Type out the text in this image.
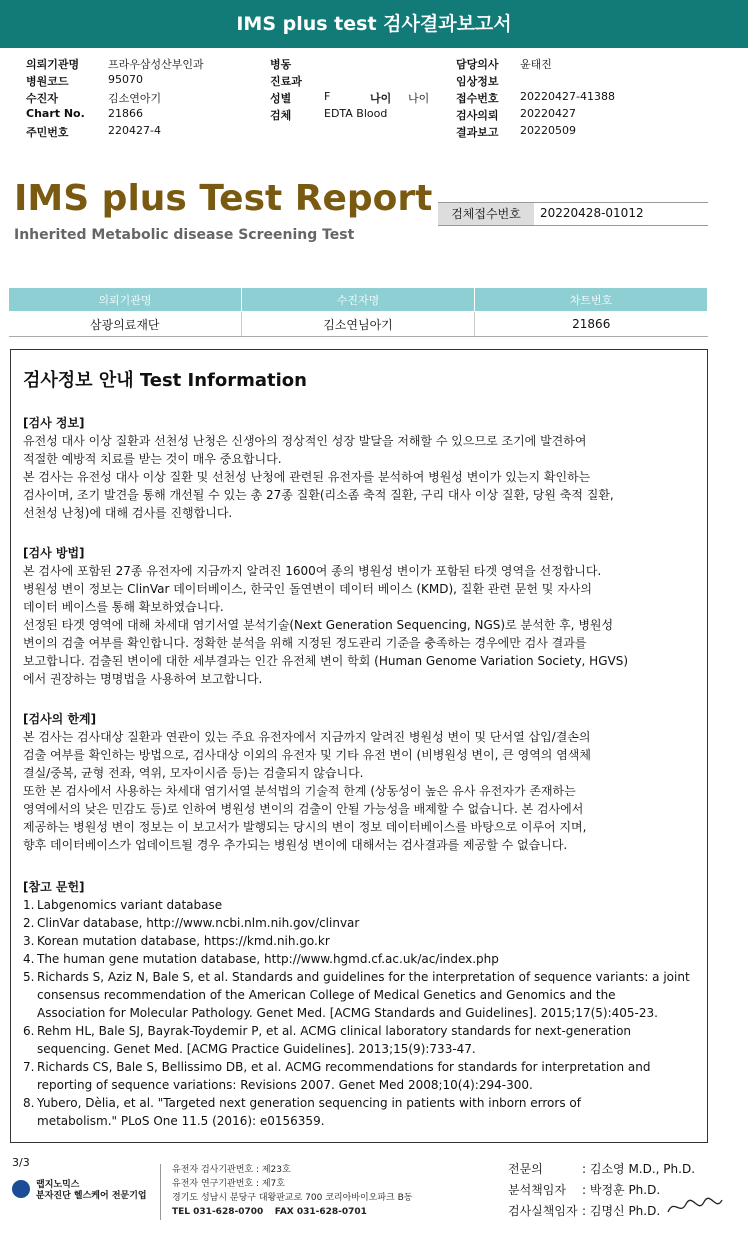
IMS plus test 검사결과보고서
의뢰기관명	프라우삼성산부인과
병원코드	95070
수진자	김소연아기
Chart No. 21866
주민번호	220427-4
병동
진료과
성별	F	나이 나이
검체	EDTA Blood
담당의사 윤태진
임상정보
접수번호 20220427-41388
검사의뢰 20220427
결과보고 20220509
IMS plus Test Report
Inherited Metabolic disease Screening Test
검체접수번호	20220428-01012
의뢰기관명	수진자명	차트번호
삼광의료재단	김소연님아기	21866
검사정보 안내 Test Information
[검사 정보]
유전성 대사 이상 질환과 선천성 난청은 신생아의 정상적인 성장 발달을 저해할 수 있으므로 조기에 발견하여
적절한 예방적 치료를 받는 것이 매우 중요합니다.
본 검사는 유전성 대사 이상 질환 및 선천성 난청에 관련된 유전자를 분석하여 병원성 변이가 있는지 확인하는
검사이며, 조기 발견을 통해 개선될 수 있는 총 27종 질환(리소좀 축적 질환, 구리 대사 이상 질환, 당원 축적 질환,
선천성 난청)에 대해 검사를 진행합니다.
[검사 방법]
본 검사에 포함된 27종 유전자에 지금까지 알려진 1600여 종의 병원성 변이가 포함된 타겟 영역을 선정합니다.
병원성 변이 정보는 ClinVar 데이터베이스, 한국인 돌연변이 데이터 베이스 (KMD), 질환 관련 문헌 및 자사의
데이터 베이스를 통해 확보하였습니다.
선정된 타겟 영역에 대해 차세대 염기서열 분석기술(Next Generation Sequencing, NGS)로 분석한 후, 병원성
변이의 검출 여부를 확인합니다. 정확한 분석을 위해 지정된 정도관리 기준을 충족하는 경우에만 검사 결과를
보고합니다. 검출된 변이에 대한 세부결과는 인간 유전체 변이 학회 (Human Genome Variation Society, HGVS)
에서 권장하는 명명법을 사용하여 보고합니다.
[검사의 한계]
본 검사는 검사대상 질환과 연관이 있는 주요 유전자에서 지금까지 알려진 병원성 변이 및 단서열 삽입/결손의
검출 여부를 확인하는 방법으로, 검사대상 이외의 유전자 및 기타 유전 변이 (비병원성 변이, 큰 영역의 염색체
결실/중복, 균형 전좌, 역위, 모자이시즘 등)는 검출되지 않습니다.
또한 본 검사에서 사용하는 차세대 염기서열 분석법의 기술적 한계 (상동성이 높은 유사 유전자가 존재하는
영역에서의 낮은 민감도 등)로 인하여 병원성 변이의 검출이 안될 가능성을 배제할 수 없습니다. 본 검사에서
제공하는 병원성 변이 정보는 이 보고서가 발행되는 당시의 변이 정보 데이터베이스를 바탕으로 이루어 지며,
향후 데이터베이스가 업데이트될 경우 추가되는 병원성 변이에 대해서는 검사결과를 제공할 수 없습니다.
[참고 문헌]
1. Labgenomics variant database
2. ClinVar database, http://www.ncbi.nlm.nih.gov/clinvar
3. Korean mutation database, https://kmd.nih.go.kr
4. The human gene mutation database, http://www.hgmd.cf.ac.uk/ac/index.php
5. Richards S, Aziz N, Bale S, et al. Standards and guidelines for the interpretation of sequence variants: a joint
consensus recommendation of the American College of Medical Genetics and Genomics and the
Association for Molecular Pathology. Genet Med. [ACMG Standards and Guidelines]. 2015;17(5):405-23.
6. Rehm HL, Bale SJ, Bayrak-Toydemir P, et al. ACMG clinical laboratory standards for next-generation
sequencing. Genet Med. [ACMG Practice Guidelines]. 2013;15(9):733-47.
7. Richards CS, Bale S, Bellissimo DB, et al. ACMG recommendations for standards for interpretation and
reporting of sequence variations: Revisions 2007. Genet Med 2008;10(4):294-300.
8. Yubero, Dèlia, et al. "Targeted next generation sequencing in patients with inborn errors of
metabolism." PLoS One 11.5 (2016): e0156359.
3/3
랩지노믹스
분자진단 헬스케어 전문기업
유전자 검사기관번호 : 제23호
유전자 연구기관번호 : 제7호
경기도 성남시 분당구 대왕판교로 700 코리아바이오파크 B동
TEL 031-628-0700 FAX 031-628-0701
전문의	: 김소영 M.D., Ph.D.
분석책임자 : 박정훈 Ph.D.
검사실책임자 : 김명신 Ph.D.
